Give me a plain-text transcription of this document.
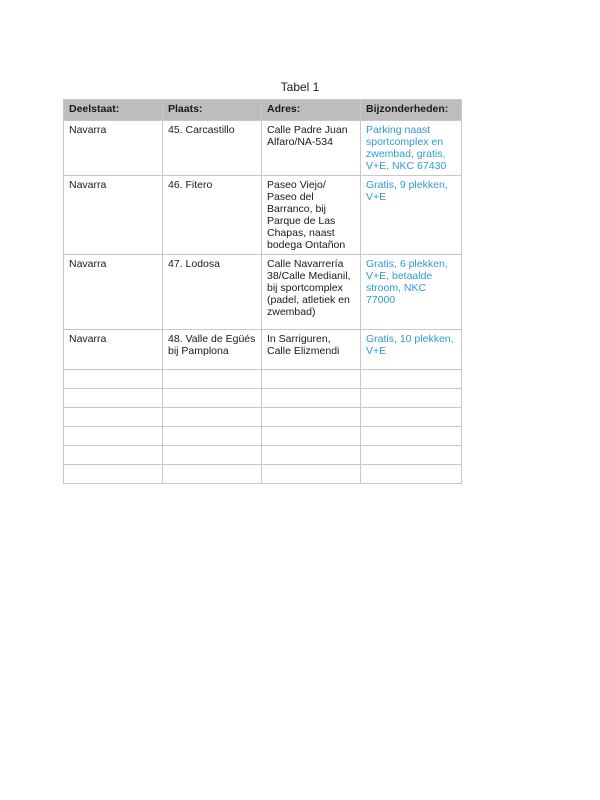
Tabel 1
Deelstaat:	Plaats:	Adres:	Bijzonderheden:
Navarra	45. Carcastillo	Calle Padre Juan Alfaro/NA-534	Parking naast sportcomplex en zwembad, gratis, V+E, NKC 67430
Navarra	46. Fitero	Paseo Viejo/ Paseo del Barranco, bij Parque de Las Chapas, naast bodega Ontañon	Gratis, 9 plekken, V+E
Navarra	47. Lodosa	Calle Navarrería 38/Calle Medianil, bij sportcomplex (padel, atletiek en zwembad)	Gratis, 6 plekken, V+E, betaalde stroom, NKC 77000
Navarra	48. Valle de Egüés bij Pamplona	In Sarriguren, Calle Elizmendi	Gratis, 10 plekken, V+E
